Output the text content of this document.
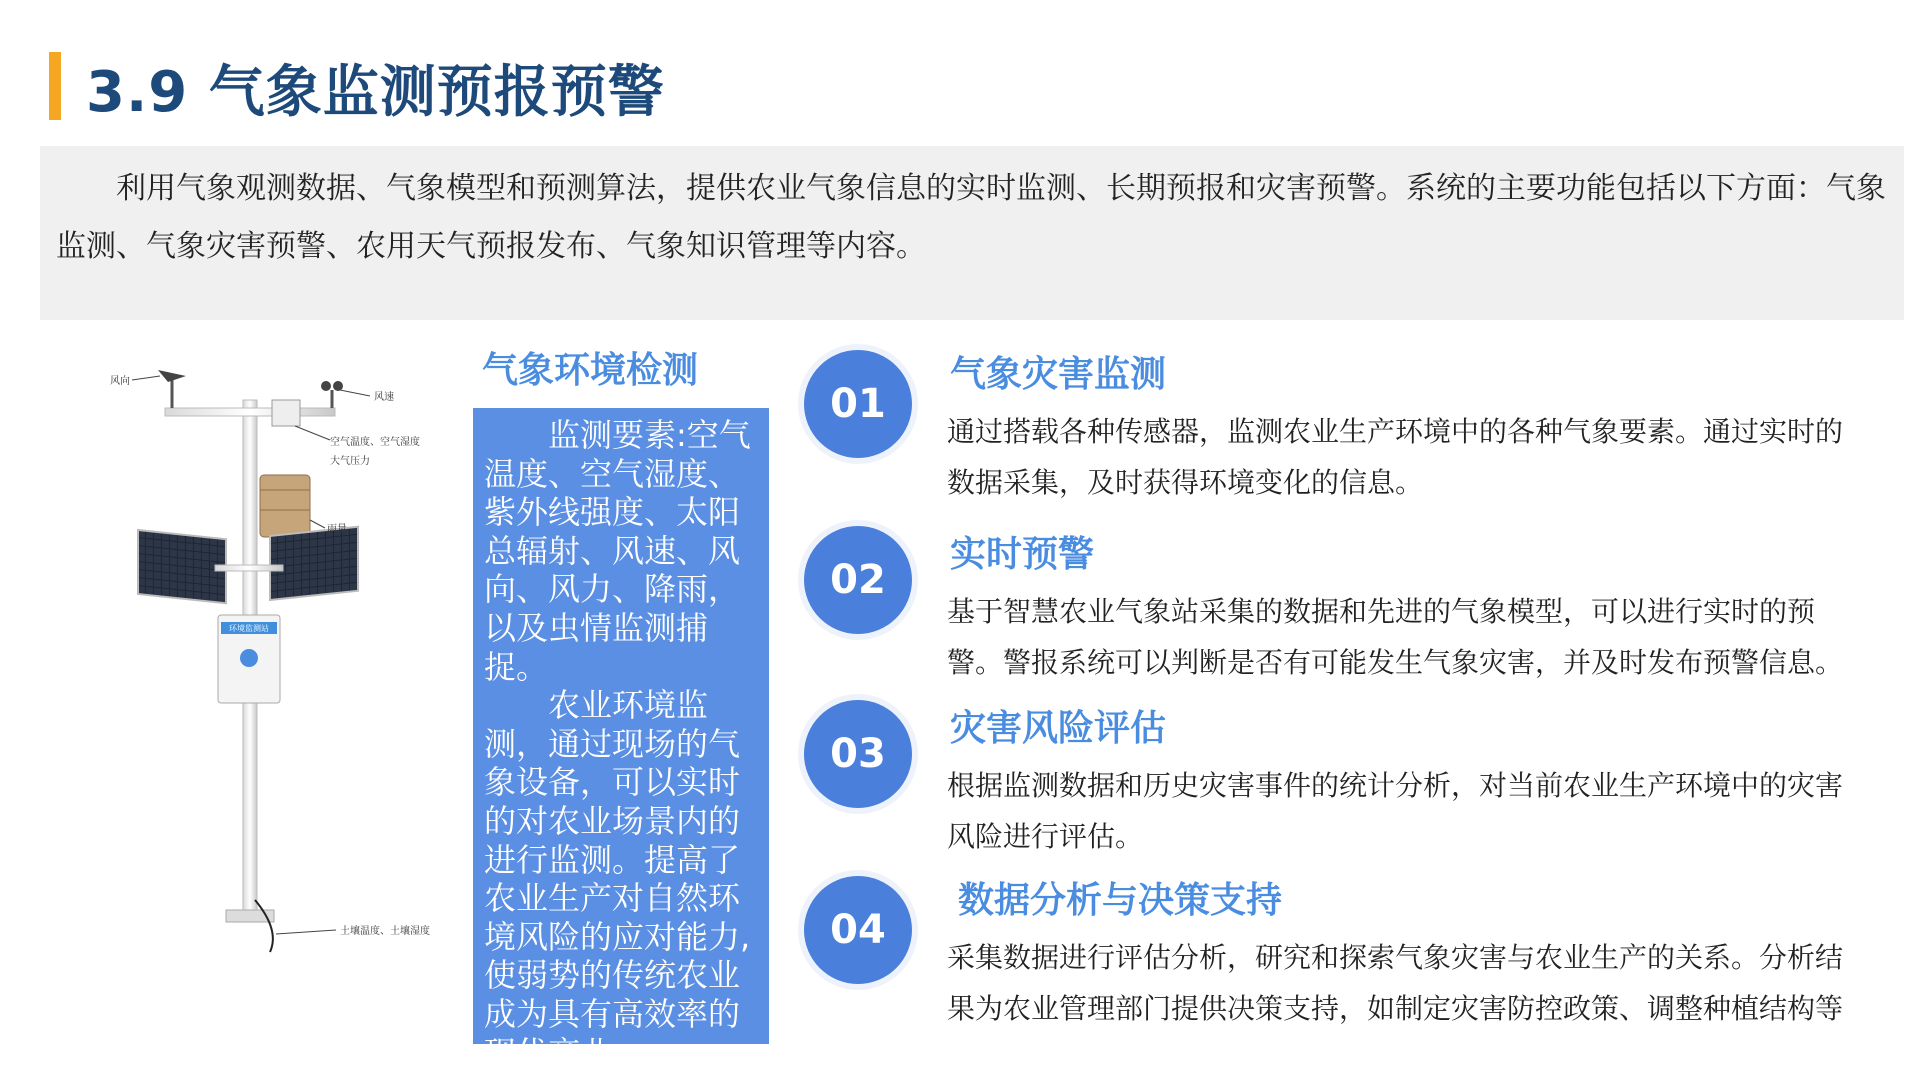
3.9 气象监测预报预警
利用气象观测数据、气象模型和预测算法，提供农业气象信息的实时监测、长期预报和灾害预警。系统的主要功能包括以下方面：气象监测、气象灾害预警、农用天气预报发布、气象知识管理等内容。
环境监测站
风向
风速
空气温度、空气湿度
大气压力
雨量
土壤温度、土壤湿度
气象环境检测

监测要素:空气温度、空气湿度、紫外线强度、太阳总辐射、风速、风向、风力、降雨，以及虫情监测捕捉。

农业环境监测，通过现场的气象设备，可以实时的对农业场景内的进行监测。提高了农业生产对自然环境风险的应对能力,使弱势的传统农业成为具有高效率的现代产业。

01
气象灾害监测
通过搭载各种传感器，监测农业生产环境中的各种气象要素。通过实时的数据采集，及时获得环境变化的信息。
02
实时预警
基于智慧农业气象站采集的数据和先进的气象模型，可以进行实时的预警。警报系统可以判断是否有可能发生气象灾害，并及时发布预警信息。
03
灾害风险评估
根据监测数据和历史灾害事件的统计分析，对当前农业生产环境中的灾害风险进行评估。
04
数据分析与决策支持
采集数据进行评估分析，研究和探索气象灾害与农业生产的关系。分析结果为农业管理部门提供决策支持，如制定灾害防控政策、调整种植结构等
